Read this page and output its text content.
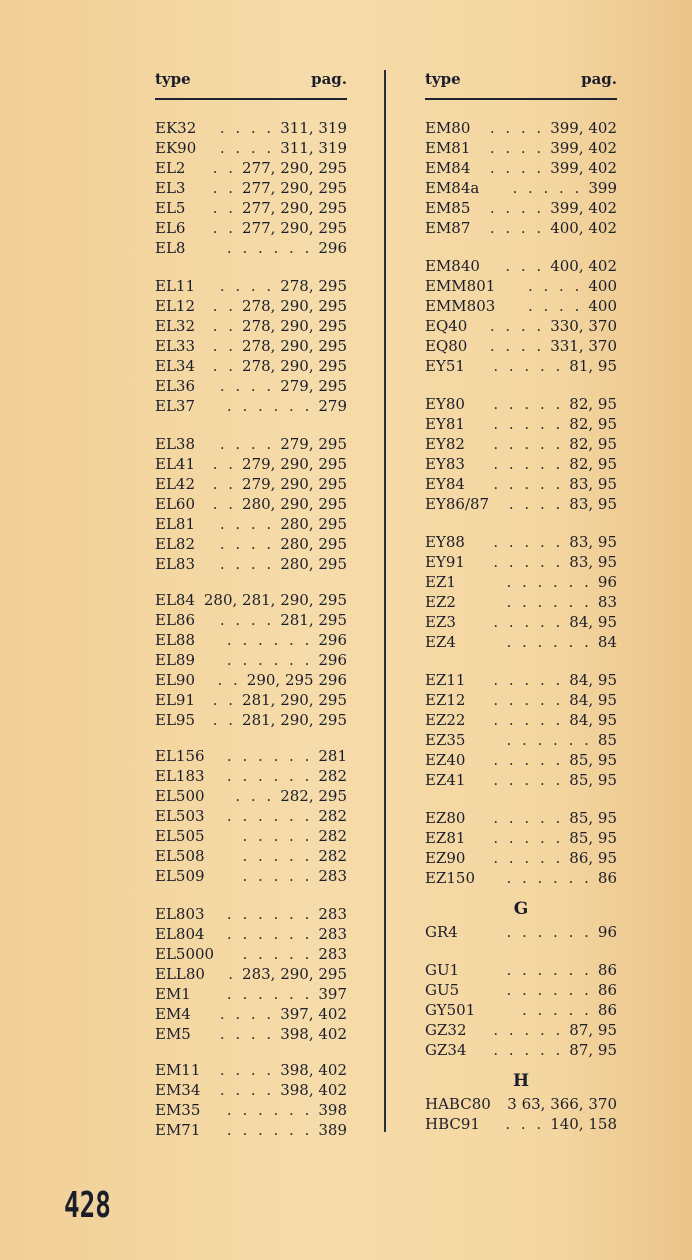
type	pag.
EK32	311, 319
. . . .
EK90	311, 319
. . . .
EL2	277, 290, 295
. .
EL3	277, 290, 295
. .
EL5	277, 290, 295
. .
EL6	277, 290, 295
. .
EL8	296
. . . . . .
EL11	278, 295
. . . .
EL12	278, 290, 295
. .
EL32	278, 290, 295
. .
EL33	278, 290, 295
. .
EL34	278, 290, 295
. .
EL36	279, 295
. . . .
EL37	279
. . . . . .
EL38	279, 295
. . . .
EL41	279, 290, 295
. .
EL42	279, 290, 295
. .
EL60	280, 290, 295
. .
EL81	280, 295
. . . .
EL82	280, 295
. . . .
EL83	280, 295
. . . .
EL84 280, 281, 290, 295
EL86	281, 295
. . . .
EL88	296
. . . . . .
EL89	296
. . . . . .
EL90	290, 295 296
. .
EL91	281, 290, 295
. .
EL95	281, 290, 295
. .
EL156	281
. . . . . .
EL183	282
. . . . . .
EL500	282, 295
. . .
EL503	282
. . . . . .
EL505	282
. . . . .
EL508	282
. . . . .
EL509	283
. . . . .
EL803	283
. . . . . .
EL804	283
. . . . . .
EL5000	283
. . . . .
ELL80 283, 290, 295
.
EM1	397
. . . . . .
EM4	397, 402
. . . .
EM5	398, 402
. . . .
EM11	398, 402
. . . .
EM34	398, 402
. . . .
EM35	398
. . . . . .
EM71	389
. . . . . .
type	pag.
EM80	399, 402
. . . .
EM81	399, 402
. . . .
EM84	399, 402
. . . .
EM84a	399
. . . . .
EM85	399, 402
. . . .
EM87	400, 402
. . . .
EM840	400, 402
. . .
EMM801	400
. . . .
EMM803	400
. . . .
EQ40	330, 370
. . . .
EQ80	331, 370
. . . .
EY51	81, 95
. . . . .
EY80	82, 95
. . . . .
EY81	82, 95
. . . . .
EY82	82, 95
. . . . .
EY83	82, 95
. . . . .
EY84	83, 95
. . . . .
EY86/87	83, 95
. . . .
EY88	83, 95
. . . . .
EY91	83, 95
. . . . .
EZ1	96
. . . . . .
EZ2	83
. . . . . .
EZ3	84, 95
. . . . .
EZ4	84
. . . . . .
EZ11	84, 95
. . . . .
EZ12	84, 95
. . . . .
EZ22	84, 95
. . . . .
EZ35	85
. . . . . .
EZ40	85, 95
. . . . .
EZ41	85, 95
. . . . .
EZ80	85, 95
. . . . .
EZ81	85, 95
. . . . .
EZ90	86, 95
. . . . .
EZ150	86
. . . . . .
G
GR4	96
. . . . . .
GU1	86
. . . . . .
GU5	86
. . . . . .
GY501	86
. . . . .
GZ32	87, 95
. . . . .
GZ34	87, 95
. . . . .
H
HABC80 3 63, 366, 370
HBC91	140, 158
. . .
428
